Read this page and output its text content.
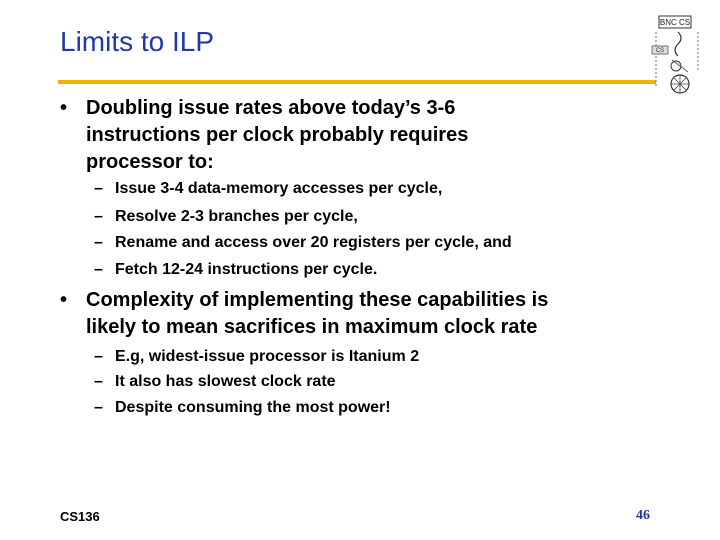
Limits to ILP
BNC CS
CS
• Doubling issue rates above today’s 3-6
instructions per clock probably requires
processor to:
– Issue 3-4 data-memory accesses per cycle,
– Resolve 2-3 branches per cycle,
– Rename and access over 20 registers per cycle, and
– Fetch 12-24 instructions per cycle.
• Complexity of implementing these capabilities is
likely to mean sacrifices in maximum clock rate
– E.g, widest-issue processor is Itanium 2
– It also has slowest clock rate
– Despite consuming the most power!
CS136	46
